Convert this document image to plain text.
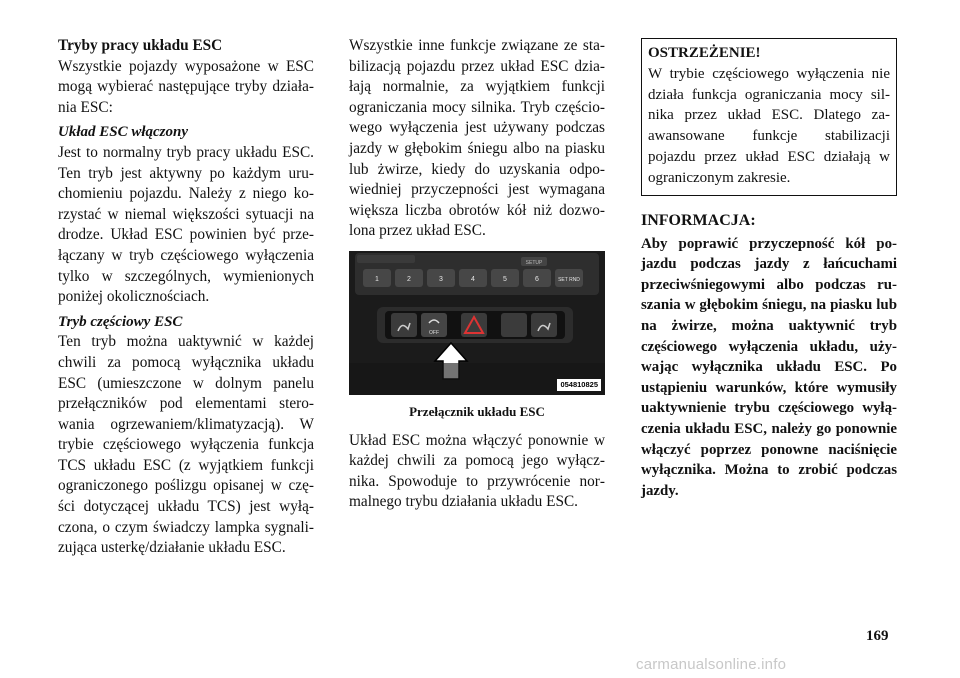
Tryby pracy układu ESC

Wszystkie pojazdy wyposażone w ESC mogą wybierać następujące tryby działania ESC:

Układ ESC włączony

Jest to normalny tryb pracy układu ESC. Ten tryb jest aktywny po każdym uruchomieniu pojazdu. Należy z niego korzystać w niemal większości sytuacji na drodze. Układ ESC powinien być przełączany w tryb częściowego wyłączenia tylko w szczególnych, wymienionych poniżej okolicznościach.

Tryb częściowy ESC

Ten tryb można uaktywnić w każdej chwili za pomocą wyłącznika układu ESC (umieszczone w dolnym panelu przełączników pod elementami sterowania ogrzewaniem/klimatyzacją). W trybie częściowego wyłączenia funkcja TCS układu ESC (z wyjątkiem funkcji ograniczonego poślizgu opisanej w części dotyczącej układu TCS) jest wyłączona, o czym świadczy lampka sygnalizująca usterkę/działanie układu ESC.

Wszystkie inne funkcje związane ze stabilizacją pojazdu przez układ ESC działają normalnie, za wyjątkiem funkcji ograniczania mocy silnika. Tryb częściowego wyłączenia jest używany podczas jazdy w głębokim śniegu albo na piasku lub żwirze, kiedy do uzyskania odpowiedniej przyczepności jest wymagana większa liczba obrotów kół niż dozwolona przez układ ESC.

SETUP
1	2	3	4	5	6	SET RND
OFF
054810825

Przełącznik układu ESC

Układ ESC można włączyć ponownie w każdej chwili za pomocą jego wyłącznika. Spowoduje to przywrócenie normalnego trybu działania układu ESC.

OSTRZEŻENIE!

W trybie częściowego wyłączenia nie działa funkcja ograniczania mocy silnika przez układ ESC. Dlatego zaawansowane funkcje stabilizacji pojazdu przez układ ESC działają w ograniczonym zakresie.

INFORMACJA:

Aby poprawić przyczepność kół pojazdu podczas jazdy z łańcuchami przeciwśniegowymi albo podczas ruszania w głębokim śniegu, na piasku lub na żwirze, można uaktywnić tryb częściowego wyłączenia układu, używając wyłącznika układu ESC. Po ustąpieniu warunków, które wymusiły uaktywnienie trybu częściowego wyłączenia układu ESC, należy go ponownie włączyć poprzez ponowne naciśnięcie wyłącznika. Można to zrobić podczas jazdy.

169
carmanualsonline.info
